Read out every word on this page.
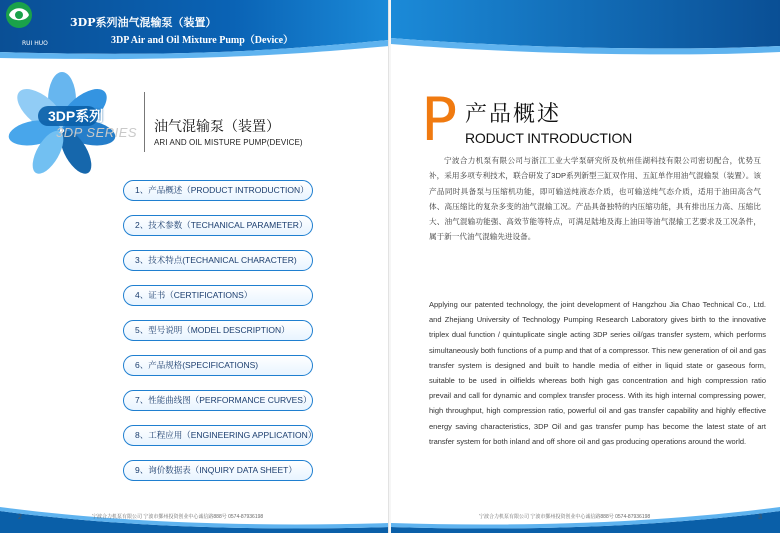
RUI HUO
3DP系列油气混输泵（装置）
3DP Air and Oil Mixture Pump（Device）
3DP系列
3DP SERIES 油气混输泵（装置）
ARI AND OIL MISTURE PUMP(DEVICE)
1、产品概述（PRODUCT INTRODUCTION）
2、技术参数（TECHANICAL PARAMETER）
3、技术特点(TECHANICAL CHARACTER)
4、证书（CERTIFICATIONS）
5、型号说明（MODEL DESCRIPTION）
6、产品规格(SPECIFICATIONS)
7、性能曲线图（PERFORMANCE CURVES）
8、工程应用（ENGINEERING APPLICATION）
9、询价数据表（INQUIRY DATA SHEET）
2	宁波合力机泵有限公司 宁波市鄞州投资创业中心诚信路888号 0574-87936198
P 产品概述
RODUCT INTRODUCTION

宁波合力机泵有限公司与浙江工业大学泵研究所及杭州佳湖科技有限公司密切配合，优势互补，采用多项专利技术，联合研发了3DP系列新型三缸双作用、五缸单作用油气混输泵（装置）。该产品同时具备泵与压缩机功能，即可输送纯液态介质，也可输送纯气态介质，适用于油田高含气体、高压缩比的复杂多变的油气混输工况。产品具备独特的内压缩功能，具有排出压力高、压缩比大、油气混输功能强、高效节能等特点，可满足陆地及海上油田等油气混输工艺要求及工况条件，属于新一代油气混输先进设备。

Applying our patented technology, the joint development of Hangzhou Jia Chao Technical Co., Ltd. and Zhejiang University of Technology Pumping Research Laboratory gives birth to the innovative triplex dual function / quintuplicate single acting 3DP series oil/gas transfer system, which performs simultaneously both functions of a pump and that of a compressor. This new generation of oil and gas transfer system is designed and built to handle media of either in liquid state or gaseous form, suitable to be used in oilfields whereas both high gas concentration and high compression ratio prevail and call for dynamic and complex transfer process. With its high internal compressing power, high throughput, high compression ratio, powerful oil and gas transfer capability and highly effective energy saving characteristics, 3DP Oil and gas transfer pump has become the latest state of art transfer system for both inland and off shore oil and gas producing operations around the world.

宁波合力机泵有限公司 宁波市鄞州投资创业中心诚信路888号 0574-87936198	3
